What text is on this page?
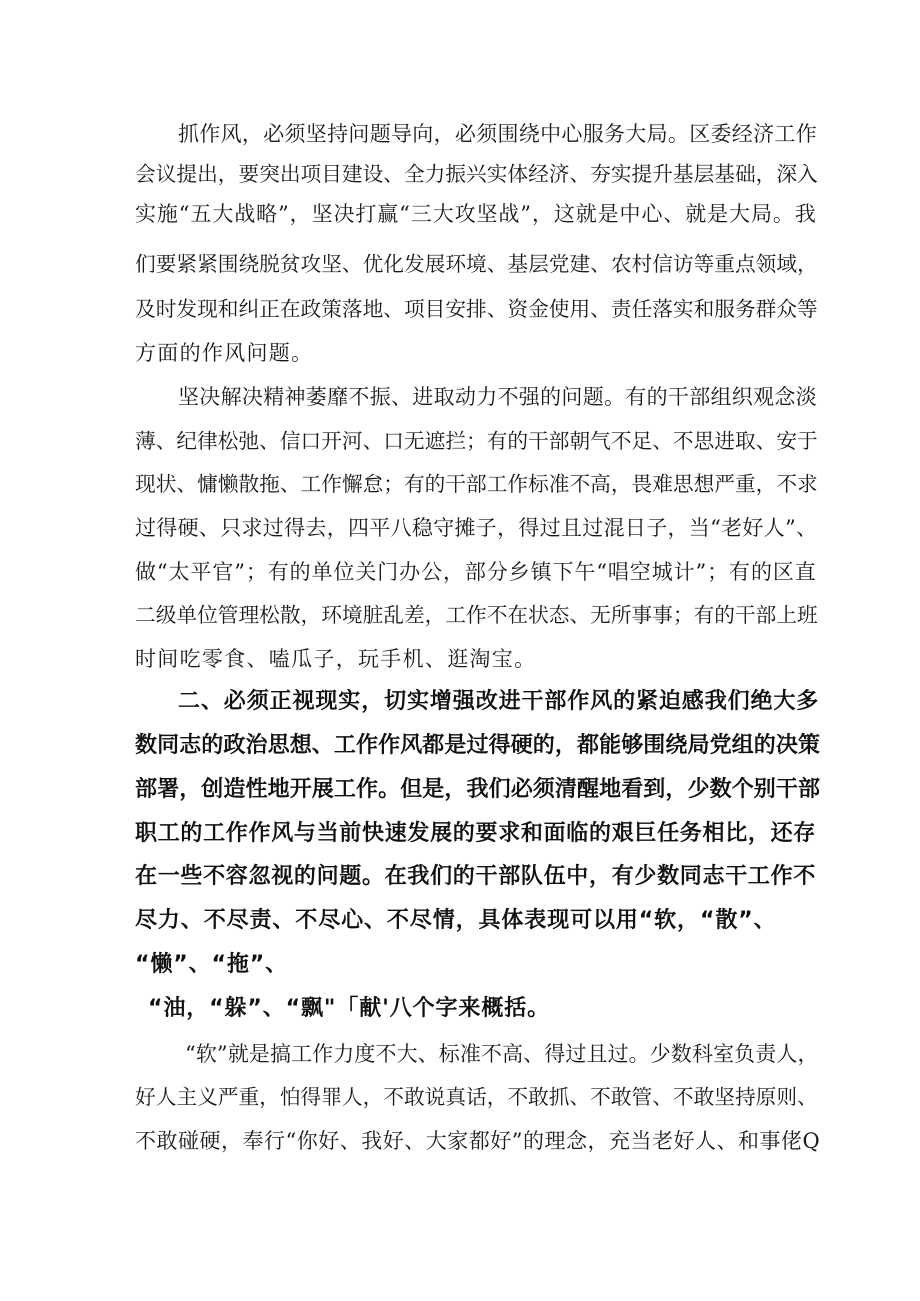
抓作风，必须坚持问题导向，必须围绕中心服务大局。区委经济工作
会议提出，要突出项目建设、全力振兴实体经济、夯实提升基层基础，深入
实施“五大战略”，坚决打赢“三大攻坚战”，这就是中心、就是大局。我
们要紧紧围绕脱贫攻坚、优化发展环境、基层党建、农村信访等重点领域，
及时发现和纠正在政策落地、项目安排、资金使用、责任落实和服务群众等
方面的作风问题。
坚决解决精神萎靡不振、进取动力不强的问题。有的干部组织观念淡
薄、纪律松弛、信口开河、口无遮拦；有的干部朝气不足、不思进取、安于
现状、慵懒散拖、工作懈怠；有的干部工作标准不高，畏难思想严重，不求
过得硬、只求过得去，四平八稳守摊子，得过且过混日子，当“老好人”、
做“太平官”；有的单位关门办公，部分乡镇下午“唱空城计”；有的区直
二级单位管理松散，环境脏乱差，工作不在状态、无所事事；有的干部上班
时间吃零食、嗑瓜子，玩手机、逛淘宝。
二、必须正视现实，切实增强改进干部作风的紧迫感我们绝大多
数同志的政治思想、工作作风都是过得硬的，都能够围绕局党组的决策
部署，创造性地开展工作。但是，我们必须清醒地看到，少数个别干部
职工的工作作风与当前快速发展的要求和面临的艰巨任务相比，还存
在一些不容忽视的问题。在我们的干部队伍中，有少数同志干工作不
尽力、不尽责、不尽心、不尽情，具体表现可以用“软，“散”、
“懒”、“拖”、
“油，“躲”、“飘"「献'八个字来概括。
“软”就是搞工作力度不大、标准不高、得过且过。少数科室负责人，
好人主义严重，怕得罪人，不敢说真话，不敢抓、不敢管、不敢坚持原则、
不敢碰硬，奉行“你好、我好、大家都好”的理念，充当老好人、和事佬Q
